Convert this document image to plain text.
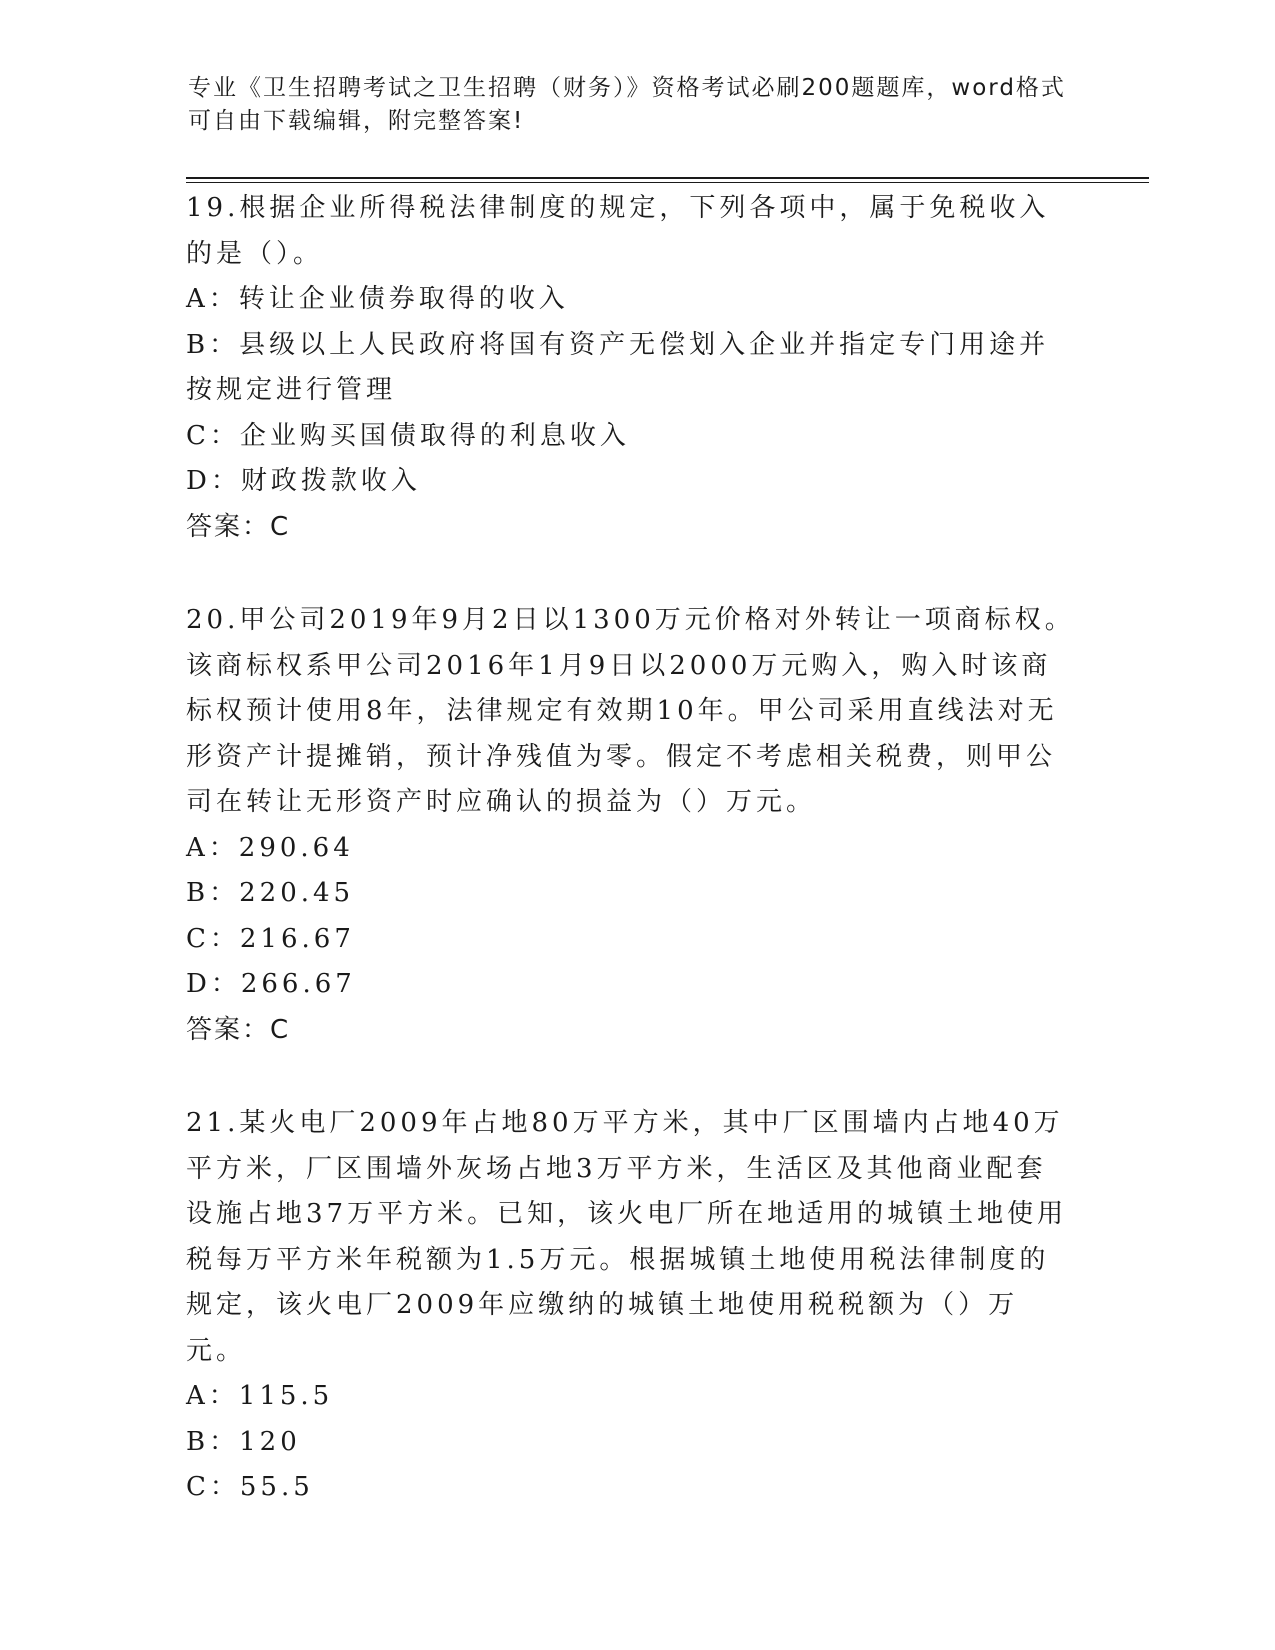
专业《卫生招聘考试之卫生招聘（财务）》资格考试必刷200题题库，word格式可自由下载编辑，附完整答案!

19.根据企业所得税法律制度的规定，下列各项中，属于免税收入的是（）。

A：转让企业债券取得的收入

B：县级以上人民政府将国有资产无偿划入企业并指定专门用途并按规定进行管理

C：企业购买国债取得的利息收入

D：财政拨款收入

答案：C

20.甲公司2019年9月2日以1300万元价格对外转让一项商标权。该商标权系甲公司2016年1月9日以2000万元购入，购入时该商标权预计使用8年，法律规定有效期10年。甲公司采用直线法对无形资产计提摊销，预计净残值为零。假定不考虑相关税费，则甲公司在转让无形资产时应确认的损益为（）万元。

A：290.64

B：220.45

C：216.67

D：266.67

答案：C

21.某火电厂2009年占地80万平方米，其中厂区围墙内占地40万平方米，厂区围墙外灰场占地3万平方米，生活区及其他商业配套设施占地37万平方米。已知，该火电厂所在地适用的城镇土地使用税每万平方米年税额为1.5万元。根据城镇土地使用税法律制度的规定，该火电厂2009年应缴纳的城镇土地使用税税额为（）万元。

A：115.5

B：120

C：55.5
